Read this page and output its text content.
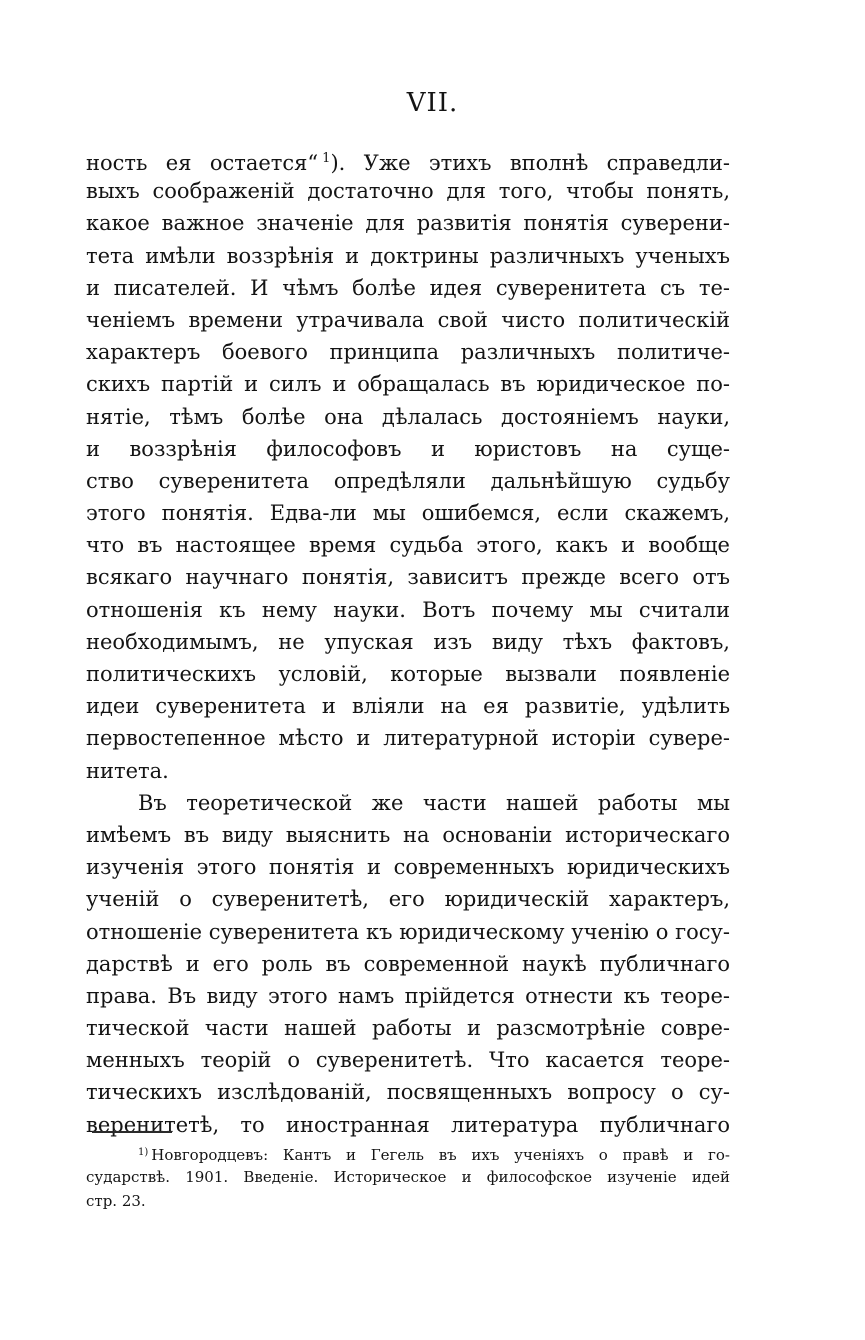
VII.
ность ея остается“ $^1$). Уже этихъ вполнѣ справедли-
выхъ соображеній достаточно для того, чтобы понять,
какое важное значеніе для развитія понятія суверени-
тета имѣли воззрѣнія и доктрины различныхъ ученыхъ
и писателей. И чѣмъ болѣе идея суверенитета съ те-
ченіемъ времени утрачивала свой чисто политическій
характеръ боевого принципа различныхъ политиче-
скихъ партій и силъ и обращалась въ юридическое по-
нятіе, тѣмъ болѣе она дѣлалась достояніемъ науки,
и воззрѣнія философовъ и юристовъ на суще-
ство суверенитета опредѣляли дальнѣйшую судьбу
этого понятія. Едва-ли мы ошибемся, если скажемъ,
что въ настоящее время судьба этого, какъ и вообще
всякаго научнаго понятія, зависитъ прежде всего отъ
отношенія къ нему науки. Вотъ почему мы считали
необходимымъ, не упуская изъ виду тѣхъ фактовъ,
политическихъ условій, которые вызвали появленіе
идеи суверенитета и вліяли на ея развитіе, удѣлить
первостепенное мѣсто и литературной исторіи сувере-
нитета.
Въ теоретической же части нашей работы мы
имѣемъ въ виду выяснить на основаніи историческаго
изученія этого понятія и современныхъ юридическихъ
ученій о суверенитетѣ, его юридическій характеръ,
отношеніе суверенитета къ юридическому ученію о госу-
дарствѣ и его роль въ современной наукѣ публичнаго
права. Въ виду этого намъ прійдется отнести къ теоре-
тической части нашей работы и разсмотрѣніе совре-
менныхъ теорій о суверенитетѣ. Что касается теоре-
тическихъ изслѣдованій, посвященныхъ вопросу о су-
веренитетѣ, то иностранная литература публичнаго
$^{1)}$ Новгородцевъ: Кантъ и Гегель въ ихъ ученіяхъ о правѣ и го-
сударствѣ. 1901. Введеніе. Историческое и философское изученіе идей
стр. 23.
